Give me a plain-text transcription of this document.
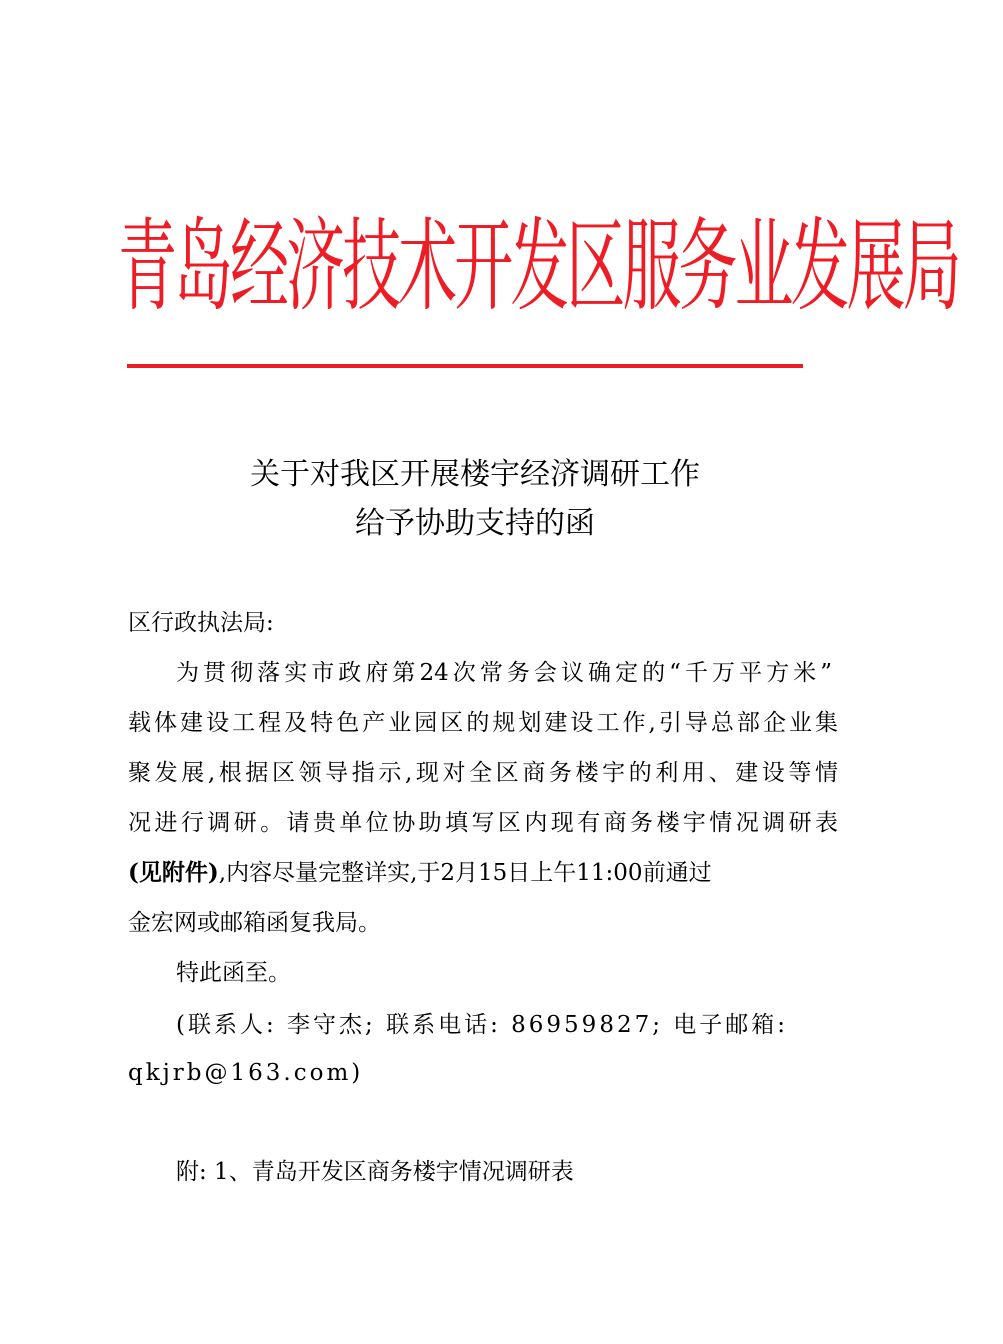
青岛经济技术开发区服务业发展局
关于对我区开展楼宇经济调研工作
给予协助支持的函
区行政执法局:
为贯彻落实市政府第24次常务会议确定的“千万平方米”
载体建设工程及特色产业园区的规划建设工作,引导总部企业集
聚发展,根据区领导指示,现对全区商务楼宇的利用、建设等情
况进行调研。请贵单位协助填写区内现有商务楼宇情况调研表
(见附件),内容尽量完整详实,于2月15日上午11:00前通过
金宏网或邮箱函复我局。
特此函至。
(联系人: 李守杰; 联系电话: 86959827; 电子邮箱:
qkjrb@163.com)
附: 1、青岛开发区商务楼宇情况调研表
